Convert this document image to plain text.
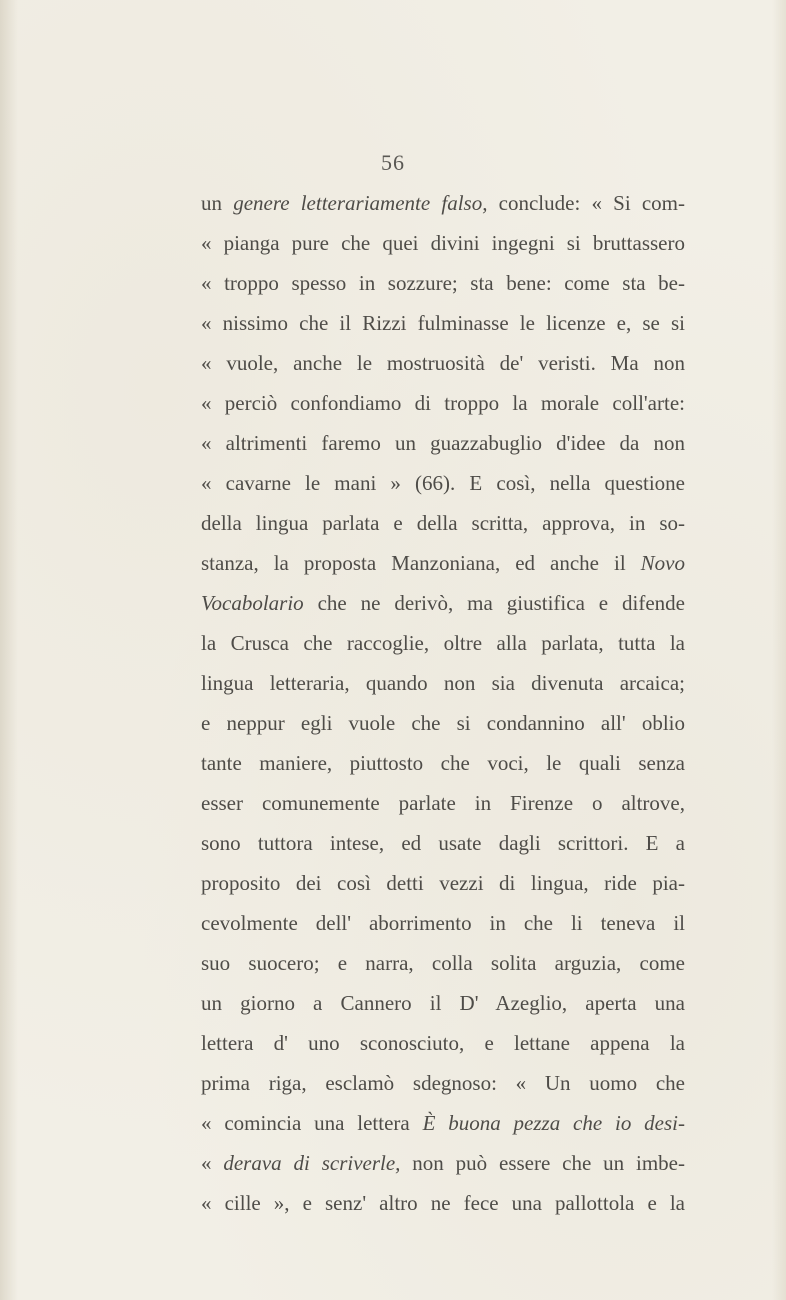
56
un genere letterariamente falso, conclude: « Si com-
« pianga pure che quei divini ingegni si bruttassero
« troppo spesso in sozzure; sta bene: come sta be-
« nissimo che il Rizzi fulminasse le licenze e, se si
« vuole, anche le mostruosità de' veristi. Ma non
« perciò confondiamo di troppo la morale coll'arte:
« altrimenti faremo un guazzabuglio d'idee da non
« cavarne le mani » (66). E così, nella questione
della lingua parlata e della scritta, approva, in so-
stanza, la proposta Manzoniana, ed anche il Novo
Vocabolario che ne derivò, ma giustifica e difende
la Crusca che raccoglie, oltre alla parlata, tutta la
lingua letteraria, quando non sia divenuta arcaica;
e neppur egli vuole che si condannino all' oblio
tante maniere, piuttosto che voci, le quali senza
esser comunemente parlate in Firenze o altrove,
sono tuttora intese, ed usate dagli scrittori. E a
proposito dei così detti vezzi di lingua, ride pia-
cevolmente dell' aborrimento in che li teneva il
suo suocero; e narra, colla solita arguzia, come
un giorno a Cannero il D' Azeglio, aperta una
lettera d' uno sconosciuto, e lettane appena la
prima riga, esclamò sdegnoso: « Un uomo che
« comincia una lettera È buona pezza che io desi-
« derava di scriverle, non può essere che un imbe-
« cille », e senz' altro ne fece una pallottola e la
